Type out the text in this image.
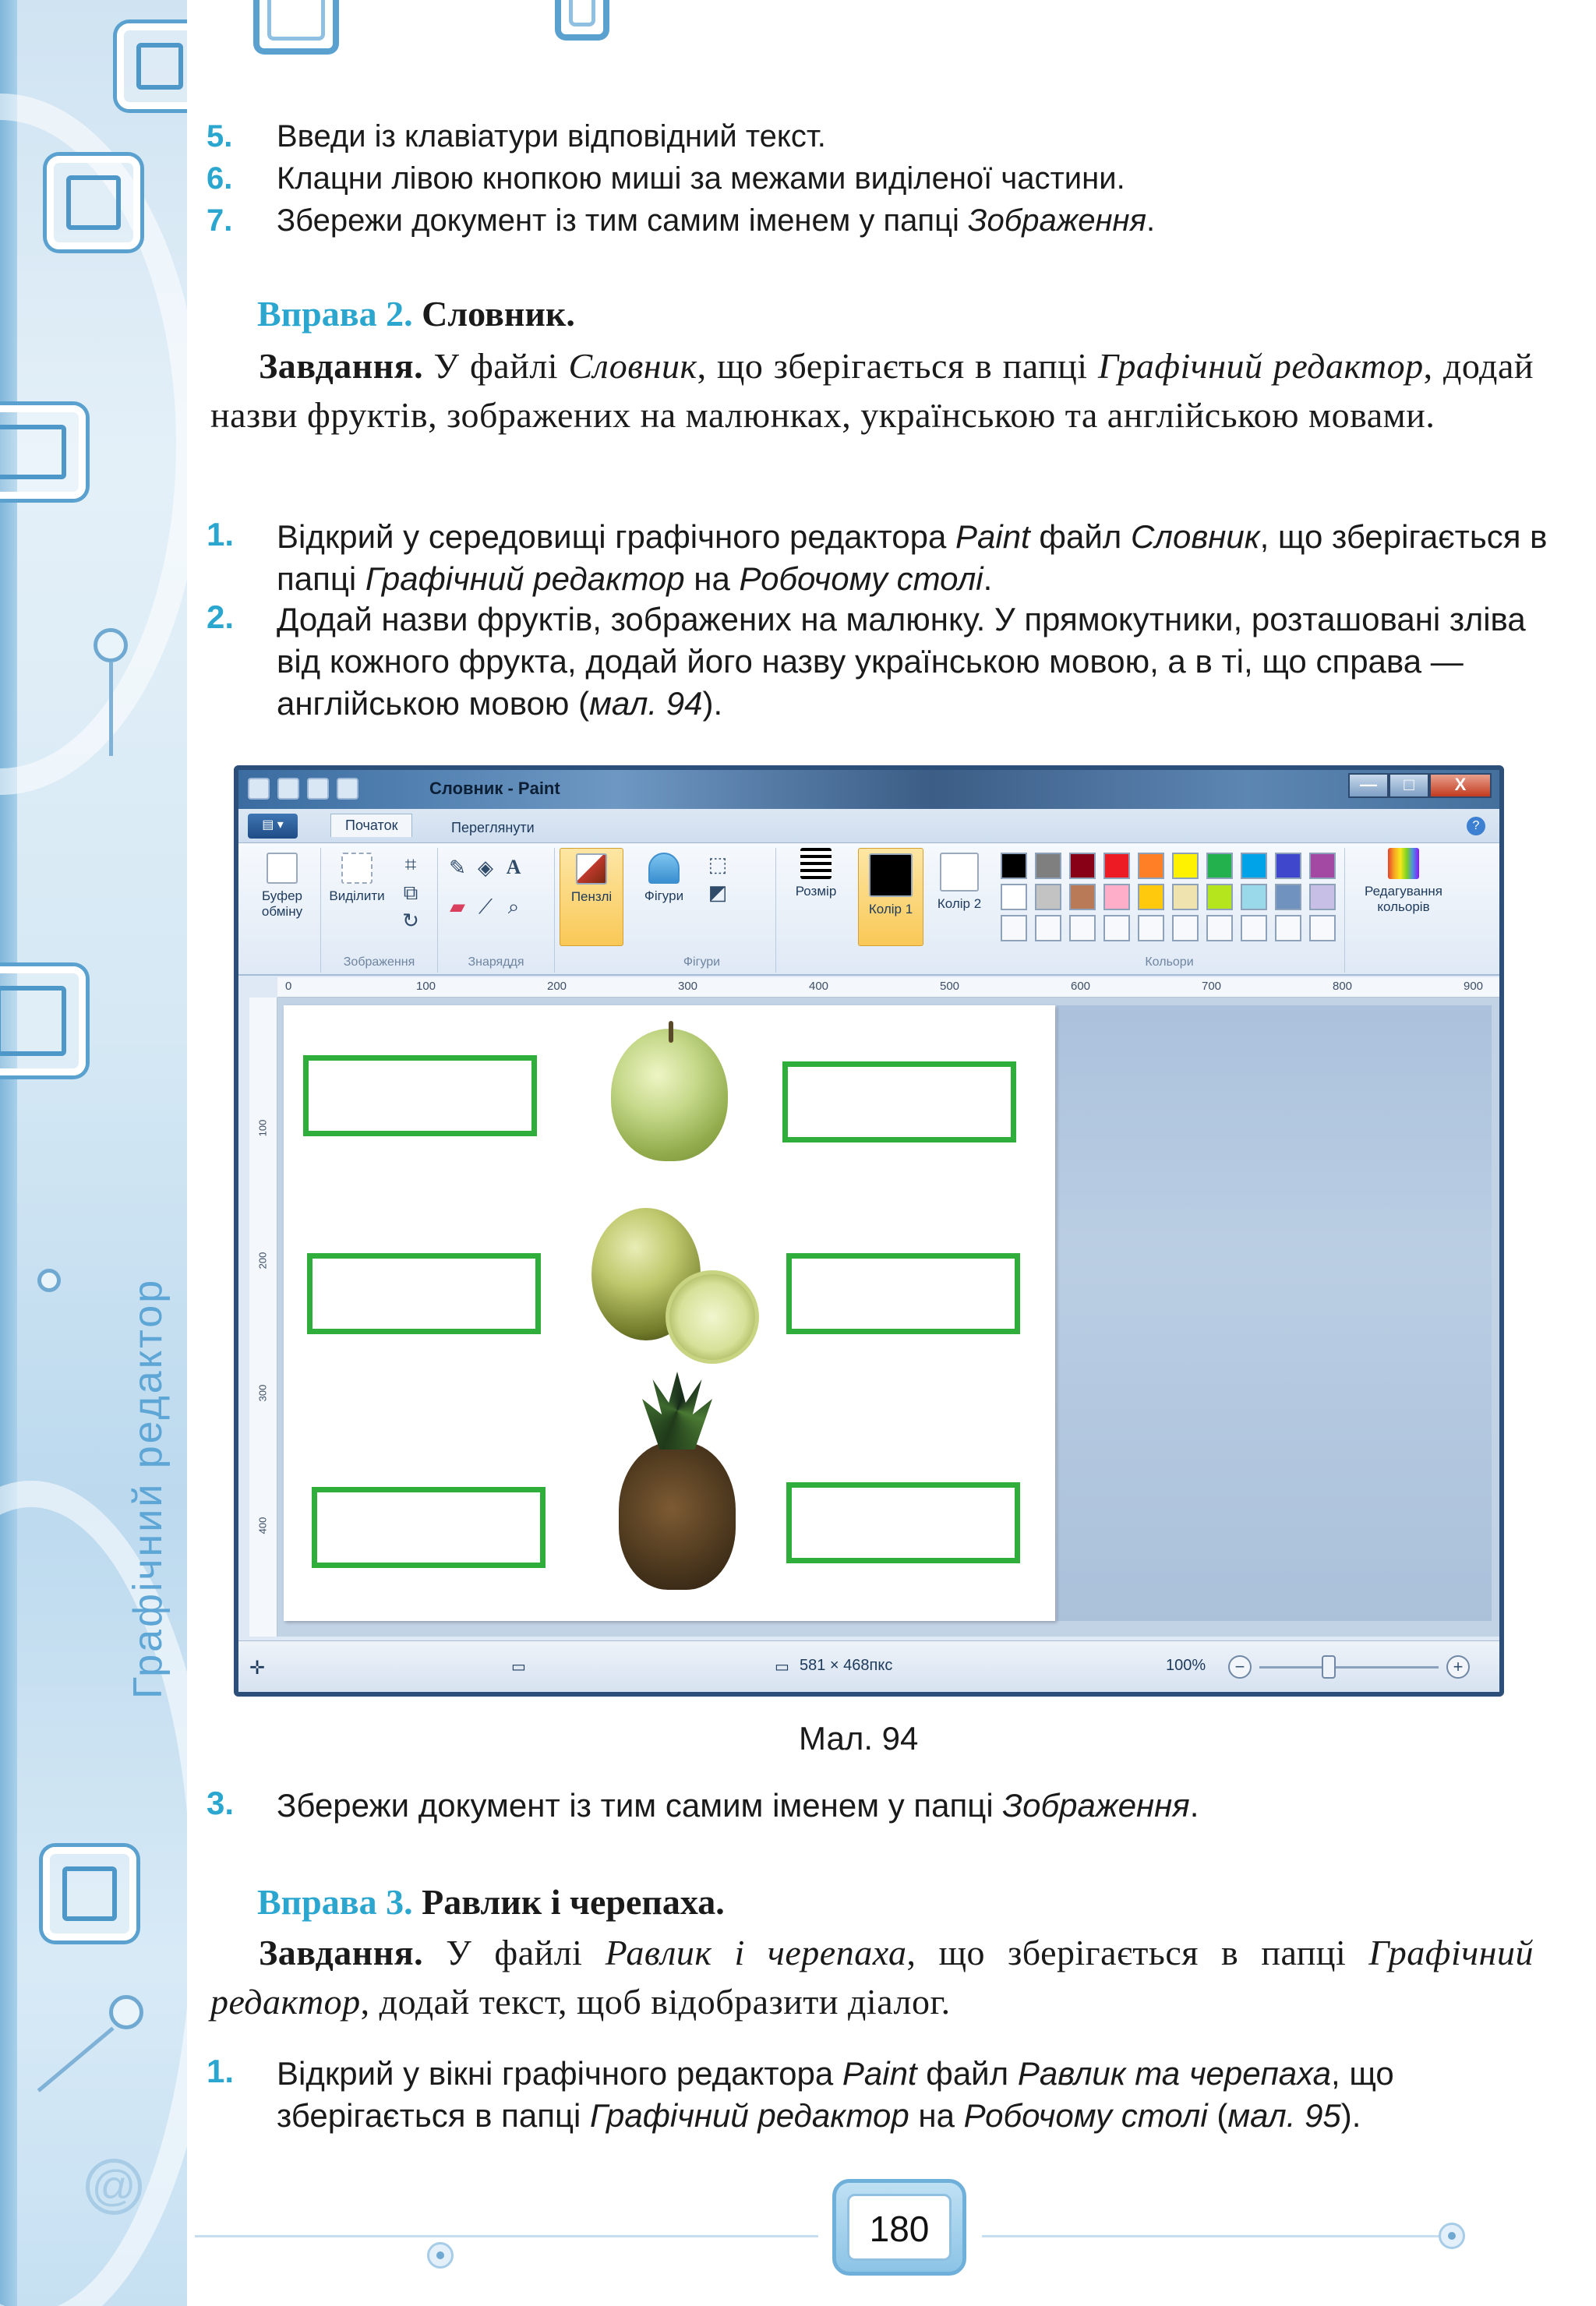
Графічний редактор
@
5.	Введи із клавіатури відповідний текст.
6.	Клацни лівою кнопкою миші за межами виділеної частини.
7.	Збережи документ із тим самим іменем у папці Зображення.
Вправа 2. Словник.
Завдання. У файлі Словник, що зберігається в папці Графічний редактор, додай назви фруктів, зображених на малюнках, українською та англійською мовами.
1.	Відкрий у середовищі графічного редактора Paint файл Словник, що зберігається в папці Графічний редактор на Робочому столі.
2.	Додай назви фруктів, зображених на малюнку. У прямокутники, розташовані зліва від кожного фрукта, додай його назву українською мовою, а в ті, що справа — англійською мовою (мал. 94).
Словник - Paint	—	□	X
▤ ▾	Початок	Переглянути	?
Буфер обміну
Виділити
⌗
⧉
↻
Зображення
✎ ◈ A
▰ ⟋ ⌕
Знаряддя
Пензлі	Фігури
⬚
◩
Фігури
Розмір
Колір 1	Колір 2
Кольори
Редагування кольорів
0	100	200	300	400	500	600	700	800	900
100
200
300
400
✛	▭	▭ 581 × 468пкс	100%	−	+
Мал. 94
3.	Збережи документ із тим самим іменем у папці Зображення.
Вправа 3. Равлик і черепаха.
Завдання. У файлі Равлик і черепаха, що зберігається в папці Графічний редактор, додай текст, щоб відобразити діалог.
1.	Відкрий у вікні графічного редактора Paint файл Равлик та черепаха, що зберігається в папці Графічний редактор на Робочому столі (мал. 95).
180
